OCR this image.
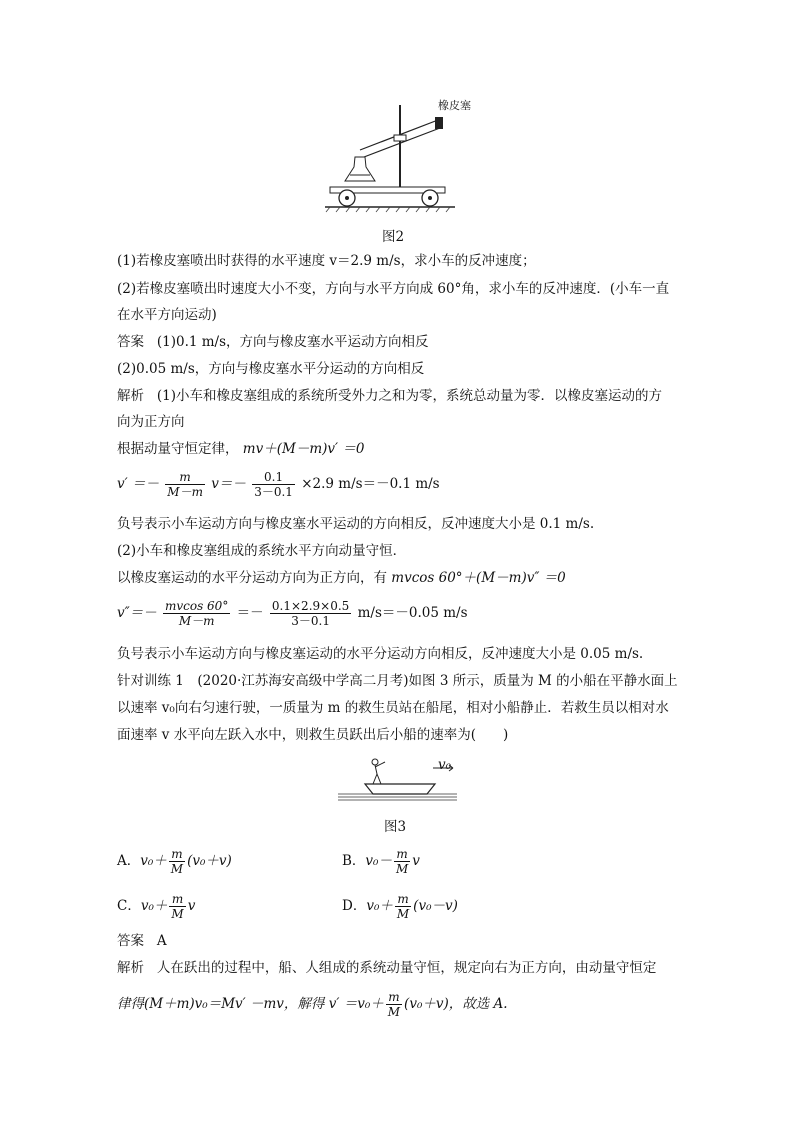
橡皮塞
图2
(1)若橡皮塞喷出时获得的水平速度 v＝2.9 m/s，求小车的反冲速度；
(2)若橡皮塞喷出时速度大小不变，方向与水平方向成 60°角，求小车的反冲速度．(小车一直
在水平方向运动)
答案 (1)0.1 m/s，方向与橡皮塞水平运动方向相反
(2)0.05 m/s，方向与橡皮塞水平分运动的方向相反
解析 (1)小车和橡皮塞组成的系统所受外力之和为零，系统总动量为零．以橡皮塞运动的方
向为正方向
根据动量守恒定律， mv＋(M－m)v′ ＝0
$v' =- \frac{m}{M-m} v=- \frac{0.1}{3-0.1} \times 2.9$ m/s＝－0.1 m/s
负号表示小车运动方向与橡皮塞水平运动的方向相反，反冲速度大小是 0.1 m/s.
(2)小车和橡皮塞组成的系统水平方向动量守恒．
以橡皮塞运动的水平分运动方向为正方向，有 mvcos 60°＋(M－m)v″ ＝0
$v''=- \frac{mvcos 60^\circ}{M-m} =- \frac{0.1\times 2.9\times 0.5}{3-0.1} m/s=-0.05$ m/s
负号表示小车运动方向与橡皮塞运动的水平分运动方向相反，反冲速度大小是 0.05 m/s.
针对训练 1　(2020·江苏海安高级中学高二月考)如图 3 所示，质量为 M 的小船在平静水面上
以速率 v₀向右匀速行驶，一质量为 m 的救生员站在船尾，相对小船静止．若救生员以相对水
面速率 v 水平向左跃入水中，则救生员跃出后小船的速率为(　　)
v₀
图3
A．$v_0+ \frac{m}{M} (v_0+v)$	B．$v_0- \frac{m}{M}$ v
C．$v_0+ \frac{m}{M}$ v	D．$v_0+ \frac{m}{M} (v_0-v)$
答案 A
解析 人在跃出的过程中，船、人组成的系统动量守恒，规定向右为正方向，由动量守恒定
律得(M＋m)v₀＝Mv′ －mv，解得 $v' =v_0+ \frac{m}{M} (v_0+v)$，故选 A.
